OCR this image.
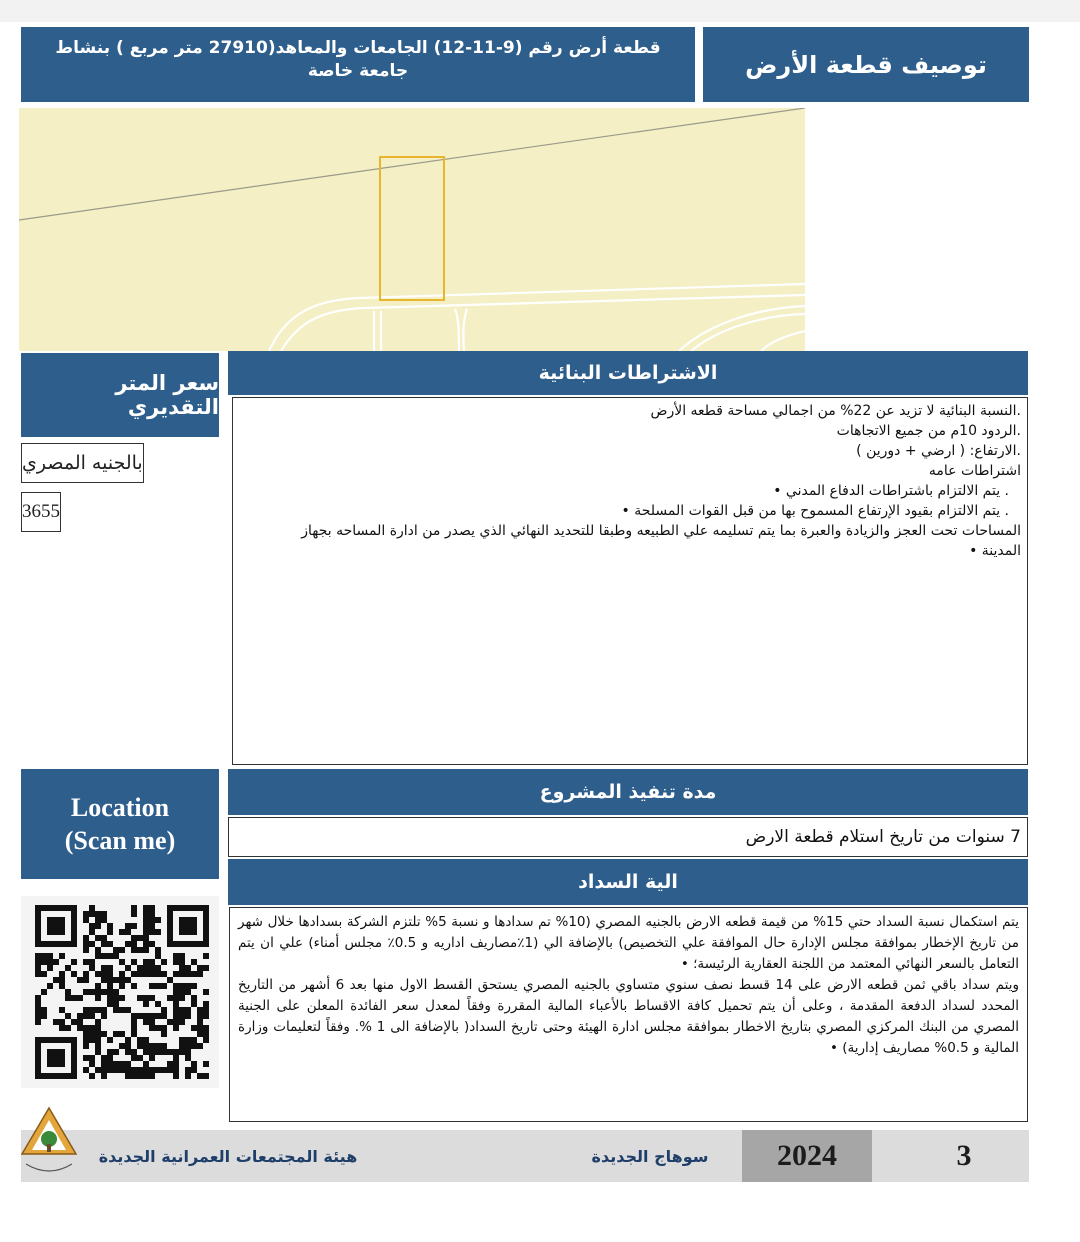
توصيف قطعة الأرض
قطعة أرض رقم (9-11-12) الجامعات والمعاهد(27910 متر مربع ) بنشاط جامعة خاصة
سعر المتر التقديري
بالجنيه المصري
3655
الاشتراطات البنائية
.النسبة البنائية لا تزيد عن 22% من اجمالي مساحة قطعه الأرض
.الردود 10م من جميع الاتجاهات
.الارتفاع: ( ارضي + دورين )
اشتراطات عامه
. يتم الالتزام باشتراطات الدفاع المدني •
. يتم الالتزام بقيود الإرتفاع المسموح بها من قبل القوات المسلحة •
المساحات تحت العجز والزيادة والعبرة بما يتم تسليمه علي الطبيعه وطبقا للتحديد النهائي الذي يصدر من ادارة المساحه بجهاز المدينة •
Location
(Scan me)
مدة تنفيذ المشروع
7 سنوات من تاريخ استلام قطعة الارض
الية السداد
يتم استكمال نسبة السداد حتي 15% من قيمة قطعه الارض بالجنيه المصري (10% تم سدادها و نسبة 5% تلتزم الشركة بسدادها خلال شهر من تاريخ الإخطار بموافقة مجلس الإدارة حال الموافقة علي التخصيص) بالإضافة الي (1٪مصاريف اداريه و 0.5٪ مجلس أمناء) علي ان يتم التعامل بالسعر النهائي المعتمد من اللجنة العقارية الرئيسة؛ •
ويتم سداد باقي ثمن قطعه الارض على 14 قسط نصف سنوي متساوي بالجنيه المصري يستحق القسط الاول منها بعد 6 أشهر من التاريخ المحدد لسداد الدفعة المقدمة ، وعلى أن يتم تحميل كافة الاقساط بالأعباء المالية المقررة وفقاً لمعدل سعر الفائدة المعلن على الجنية المصري من البنك المركزي المصري بتاريخ الاخطار بموافقة مجلس ادارة الهيئة وحتى تاريخ السداد( بالإضافة الى 1 %. وفقاً لتعليمات وزارة المالية و 0.5% مصاريف إدارية) •
هيئة المجتمعات العمرانية الجديدة	سوهاج الجديدة	2024	3
